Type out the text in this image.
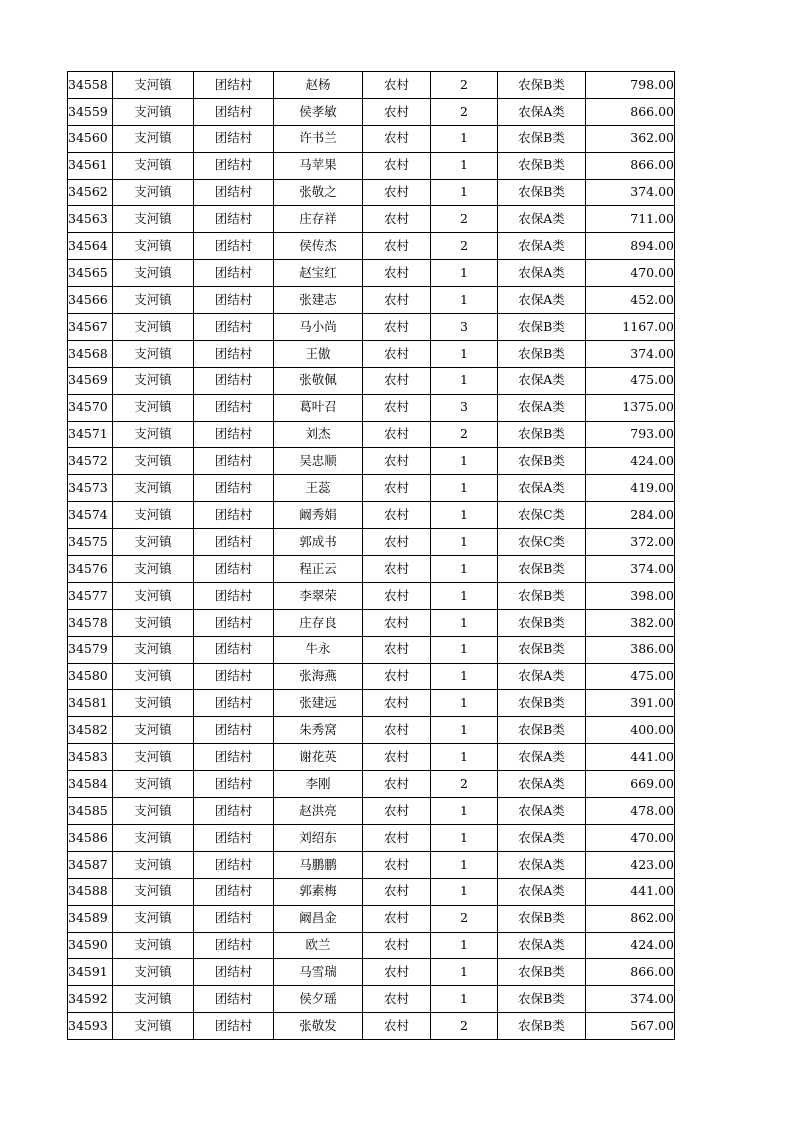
34558	支河镇	团结村	赵杨	农村	2	农保B类	798.00
34559	支河镇	团结村	侯孝敏	农村	2	农保A类	866.00
34560	支河镇	团结村	许书兰	农村	1	农保B类	362.00
34561	支河镇	团结村	马苹果	农村	1	农保B类	866.00
34562	支河镇	团结村	张敬之	农村	1	农保B类	374.00
34563	支河镇	团结村	庄存祥	农村	2	农保A类	711.00
34564	支河镇	团结村	侯传杰	农村	2	农保A类	894.00
34565	支河镇	团结村	赵宝红	农村	1	农保A类	470.00
34566	支河镇	团结村	张建志	农村	1	农保A类	452.00
34567	支河镇	团结村	马小尚	农村	3	农保B类	1167.00
34568	支河镇	团结村	王傲	农村	1	农保B类	374.00
34569	支河镇	团结村	张敬佩	农村	1	农保A类	475.00
34570	支河镇	团结村	葛叶召	农村	3	农保A类	1375.00
34571	支河镇	团结村	刘杰	农村	2	农保B类	793.00
34572	支河镇	团结村	吴忠顺	农村	1	农保B类	424.00
34573	支河镇	团结村	王蕊	农村	1	农保A类	419.00
34574	支河镇	团结村	阚秀娟	农村	1	农保C类	284.00
34575	支河镇	团结村	郭成书	农村	1	农保C类	372.00
34576	支河镇	团结村	程正云	农村	1	农保B类	374.00
34577	支河镇	团结村	李翠荣	农村	1	农保B类	398.00
34578	支河镇	团结村	庄存良	农村	1	农保B类	382.00
34579	支河镇	团结村	牛永	农村	1	农保B类	386.00
34580	支河镇	团结村	张海燕	农村	1	农保A类	475.00
34581	支河镇	团结村	张建远	农村	1	农保B类	391.00
34582	支河镇	团结村	朱秀窝	农村	1	农保B类	400.00
34583	支河镇	团结村	谢花英	农村	1	农保A类	441.00
34584	支河镇	团结村	李刚	农村	2	农保A类	669.00
34585	支河镇	团结村	赵洪亮	农村	1	农保A类	478.00
34586	支河镇	团结村	刘绍东	农村	1	农保A类	470.00
34587	支河镇	团结村	马鹏鹏	农村	1	农保A类	423.00
34588	支河镇	团结村	郭素梅	农村	1	农保A类	441.00
34589	支河镇	团结村	阚昌金	农村	2	农保B类	862.00
34590	支河镇	团结村	欧兰	农村	1	农保A类	424.00
34591	支河镇	团结村	马雪瑞	农村	1	农保B类	866.00
34592	支河镇	团结村	侯夕瑶	农村	1	农保B类	374.00
34593	支河镇	团结村	张敬发	农村	2	农保B类	567.00
